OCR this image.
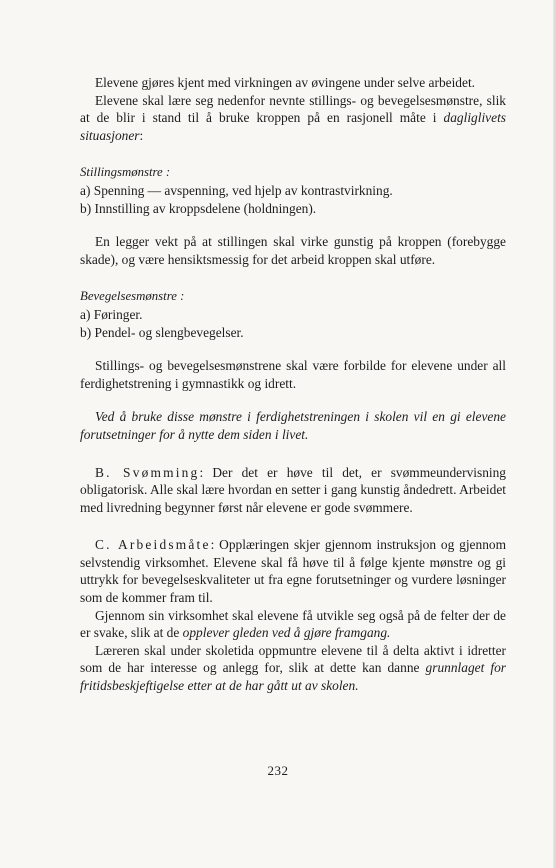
Elevene gjøres kjent med virkningen av øvingene under selve arbeidet.

Elevene skal lære seg nedenfor nevnte stillings- og bevegelsesmønstre, slik at de blir i stand til å bruke kroppen på en rasjonell måte i dagliglivets situasjoner:

Stillingsmønstre :

a) Spenning — avspenning, ved hjelp av kontrastvirkning.

b) Innstilling av kroppsdelene (holdningen).

En legger vekt på at stillingen skal virke gunstig på kroppen (forebygge skade), og være hensiktsmessig for det arbeid kroppen skal utføre.

Bevegelsesmønstre :

a) Føringer.

b) Pendel- og slengbevegelser.

Stillings- og bevegelsesmønstrene skal være forbilde for elevene under all ferdighetstrening i gymnastikk og idrett.

Ved å bruke disse mønstre i ferdighetstreningen i skolen vil en gi elevene forutsetninger for å nytte dem siden i livet.

B. Svømming: Der det er høve til det, er svømmeundervisning obligatorisk. Alle skal lære hvordan en setter i gang kunstig åndedrett. Arbeidet med livredning begynner først når elevene er gode svømmere.

C. Arbeidsmåte: Opplæringen skjer gjennom instruksjon og gjennom selvstendig virksomhet. Elevene skal få høve til å følge kjente mønstre og gi uttrykk for bevegelseskvaliteter ut fra egne forutsetninger og vurdere løsninger som de kommer fram til.

Gjennom sin virksomhet skal elevene få utvikle seg også på de felter der de er svake, slik at de opplever gleden ved å gjøre framgang.

Læreren skal under skoletida oppmuntre elevene til å delta aktivt i idretter som de har interesse og anlegg for, slik at dette kan danne grunnlaget for fritidsbeskjeftigelse etter at de har gått ut av skolen.

232
